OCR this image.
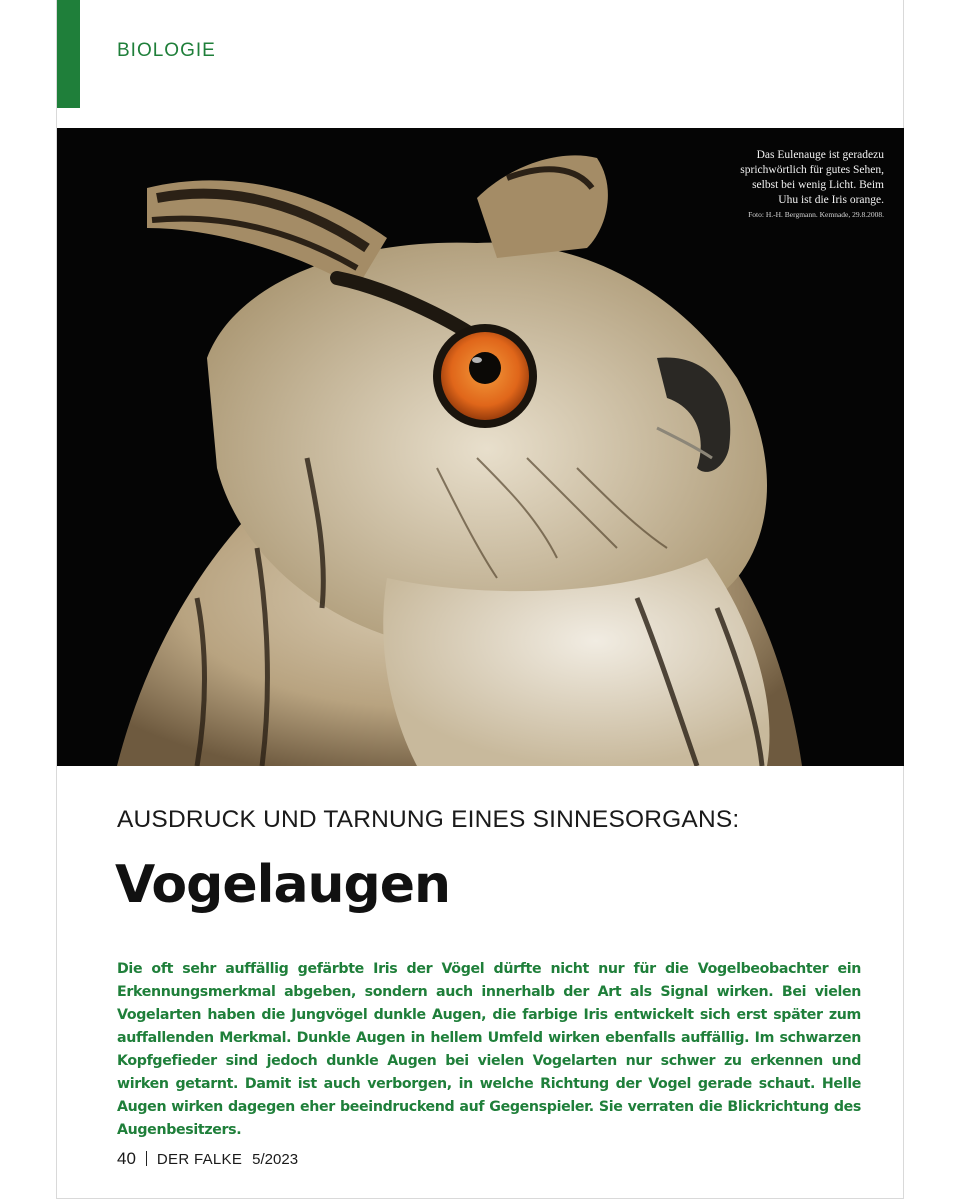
BIOLOGIE
Das Eulenauge ist geradezu
sprichwörtlich für gutes Sehen,
selbst bei wenig Licht. Beim
Uhu ist die Iris orange.
Foto: H.-H. Bergmann. Kemnade, 29.8.2008.
AUSDRUCK UND TARNUNG EINES SINNESORGANS:
Vogelaugen
Die oft sehr auffällig gefärbte Iris der Vögel dürfte nicht nur für die Vogelbeobachter ein Erkennungsmerkmal abgeben, sondern auch innerhalb der Art als Signal wirken. Bei vielen Vogelarten haben die Jungvögel dunkle Augen, die farbige Iris entwickelt sich erst später zum auffallenden Merkmal. Dunkle Augen in hellem Umfeld wirken ebenfalls auffällig. Im schwarzen Kopfgefieder sind jedoch dunkle Augen bei vielen Vogelarten nur schwer zu erkennen und wirken getarnt. Damit ist auch verborgen, in welche Richtung der Vogel gerade schaut. Helle Augen wirken dagegen eher beeindruckend auf Gegenspieler. Sie verraten die Blickrichtung des Augenbesitzers.
40 DER FALKE 5/2023
